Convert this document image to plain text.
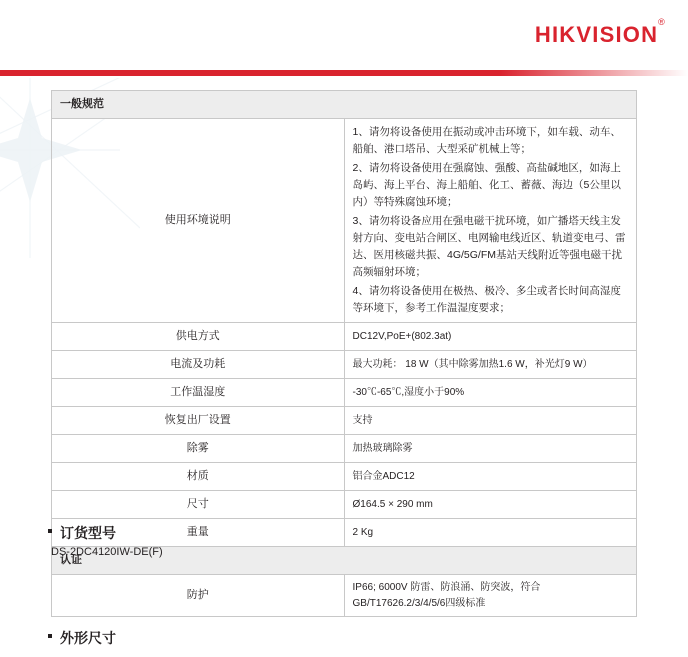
HIKVISION®
一般规范	
使用环境说明	1、请勿将设备使用在振动或冲击环境下，如车载、动车、船舶、港口塔吊、大型采矿机械上等；

2、请勿将设备使用在强腐蚀、强酸、高盐碱地区，如海上岛屿、海上平台、海上船舶、化工、蓄薇、海边（5公里以内）等特殊腐蚀环境；

3、请勿将设备应用在强电磁干扰环境，如广播塔天线主发射方向、变电站合闸区、电网输电线近区、轨道变电弓、雷达、医用核磁共振、4G/5G/FM基站天线附近等强电磁干扰高频辐射环境；

4、请勿将设备使用在极热、极冷、多尘或者长时间高湿度等环境下，参考工作温湿度要求；

供电方式	DC12V,PoE+(802.3at)
电流及功耗	最大功耗： 18 W（其中除雾加热1.6 W，补光灯9 W）
工作温湿度	-30℃-65℃,湿度小于90%
恢复出厂设置	支持
除雾	加热玻璃除雾
材质	铝合金ADC12
尺寸	Ø164.5 × 290 mm
重量	2 Kg
认证	
防护	IP66; 6000V 防雷、防浪涌、防突波，符合GB/T17626.2/3/4/5/6四级标准
订货型号
DS-2DC4120IW-DE(F)
外形尺寸
